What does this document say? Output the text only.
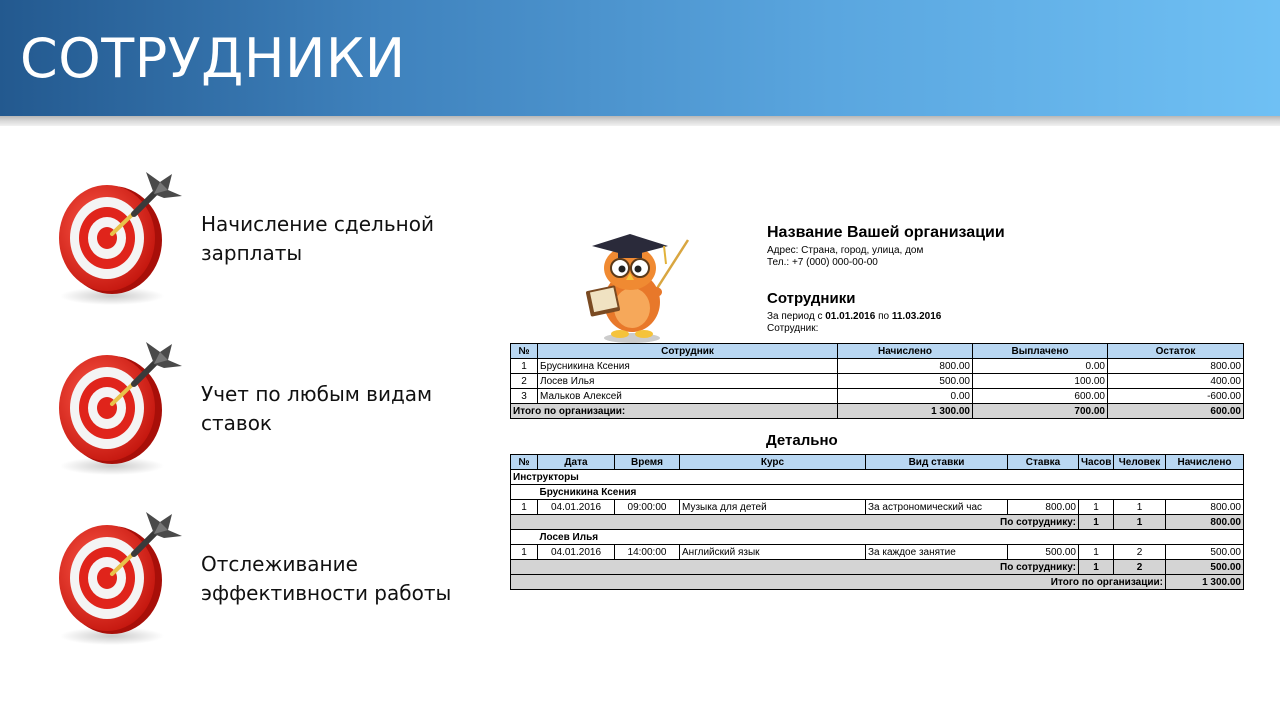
СОТРУДНИКИ
Начисление сдельной
зарплаты
Учет по любым видам
ставок
Отслеживание
эффективности работы
Название Вашей организации
Адрес: Страна, город, улица, дом
Тел.: +7 (000) 000-00-00
Сотрудники
За период с 01.01.2016 по 11.03.2016
Сотрудник:
№	Сотрудник	Начислено	Выплачено	Остаток
1	Брусникина Ксения	800.00	0.00	800.00
2	Лосев Илья	500.00	100.00	400.00
3	Мальков Алексей	0.00	600.00	-600.00
Итого по организации:		1 300.00	700.00	600.00
Детально
№	Дата	Время	Курс	Вид ставки	Ставка	Часов	Человек	Начислено
Инструкторы								
	Брусникина Ксения							
1	04.01.2016	09:00:00	Музыка для детей	За астрономический час	800.00	1	1	800.00
По сотруднику:						1	1	800.00
	Лосев Илья							
1	04.01.2016	14:00:00	Английский язык	За каждое занятие	500.00	1	2	500.00
По сотруднику:						1	2	500.00
Итого по организации:								1 300.00
